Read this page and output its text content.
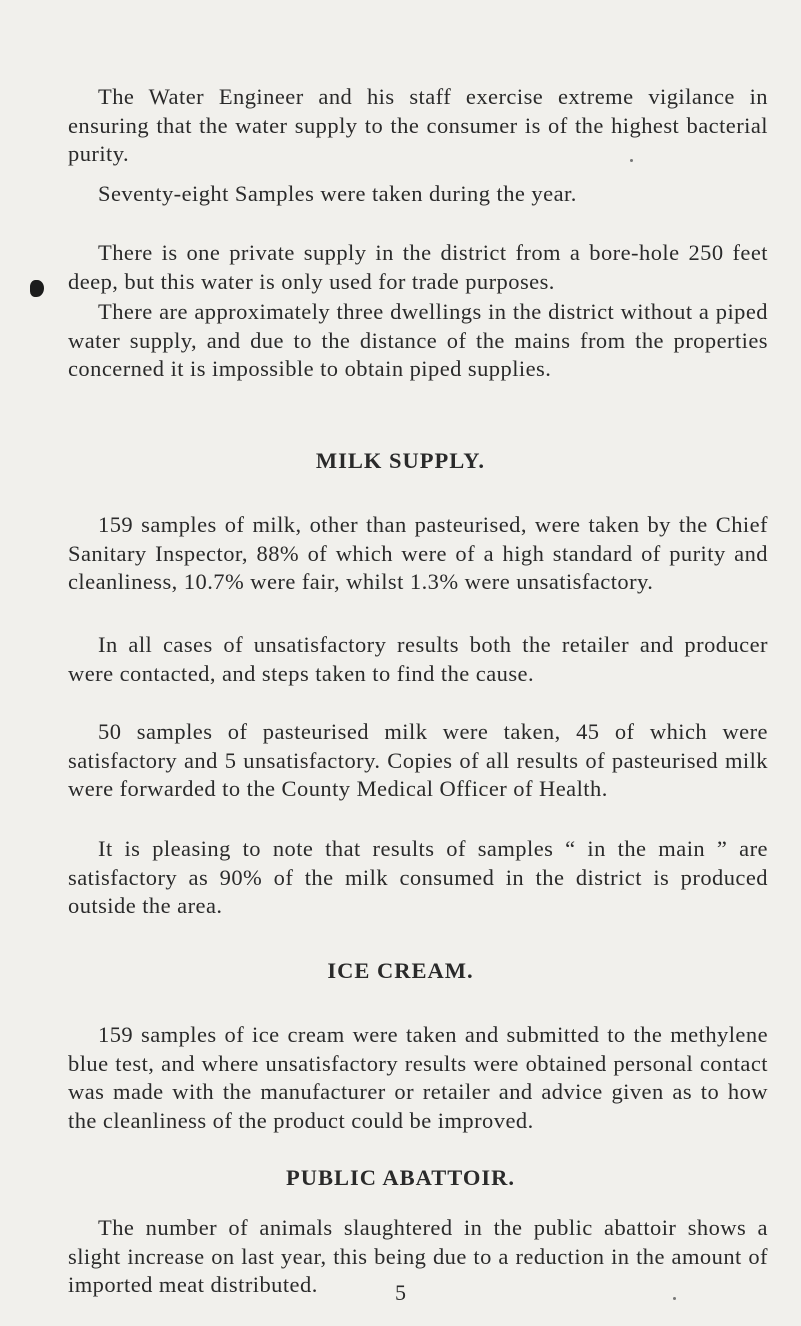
The Water Engineer and his staff exercise extreme vigilance in ensuring that the water supply to the consumer is of the highest bacterial purity.

Seventy-eight Samples were taken during the year.

There is one private supply in the district from a bore-hole 250 feet deep, but this water is only used for trade purposes.

There are approximately three dwellings in the district without a piped water supply, and due to the distance of the mains from the properties concerned it is impossible to obtain piped supplies.

MILK SUPPLY.

159 samples of milk, other than pasteurised, were taken by the Chief Sanitary Inspector, 88% of which were of a high standard of purity and cleanliness, 10.7% were fair, whilst 1.3% were unsatisfactory.

In all cases of unsatisfactory results both the retailer and producer were contacted, and steps taken to find the cause.

50 samples of pasteurised milk were taken, 45 of which were satisfactory and 5 unsatisfactory. Copies of all results of pasteurised milk were forwarded to the County Medical Officer of Health.

It is pleasing to note that results of samples “ in the main ” are satisfactory as 90% of the milk consumed in the district is produced outside the area.

ICE CREAM.

159 samples of ice cream were taken and submitted to the methylene blue test, and where unsatisfactory results were obtained personal contact was made with the manufacturer or retailer and advice given as to how the cleanliness of the product could be improved.

PUBLIC ABATTOIR.

The number of animals slaughtered in the public abattoir shows a slight increase on last year, this being due to a reduction in the amount of imported meat distributed.	5
